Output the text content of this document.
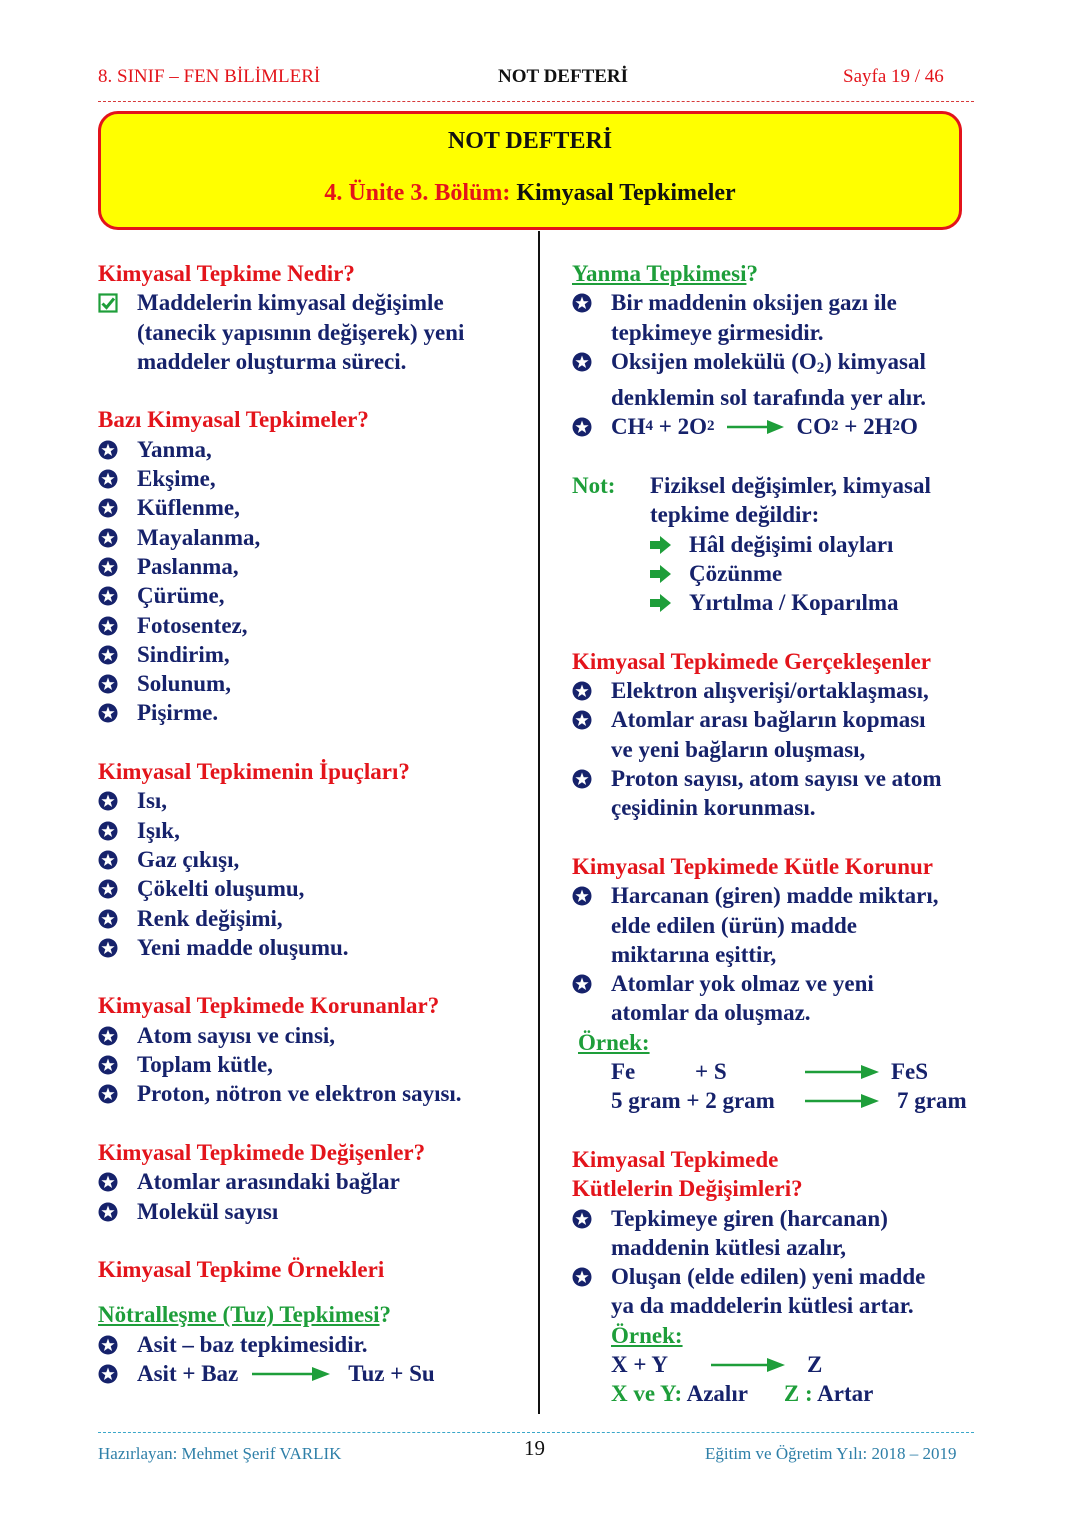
8. SINIF – FEN BİLİMLERİ	NOT DEFTERİ	Sayfa 19 / 46
NOT DEFTERİ
4. Ünite 3. Bölüm: Kimyasal Tepkimeler
Kimyasal Tepkime Nedir?
Maddelerin kimyasal değişimle
(tanecik yapısının değişerek) yeni
maddeler oluşturma süreci.
Bazı Kimyasal Tepkimeler?
Yanma,
Ekşime,
Küflenme,
Mayalanma,
Paslanma,
Çürüme,
Fotosentez,
Sindirim,
Solunum,
Pişirme.
Kimyasal Tepkimenin İpuçları?
Isı,
Işık,
Gaz çıkışı,
Çökelti oluşumu,
Renk değişimi,
Yeni madde oluşumu.
Kimyasal Tepkimede Korunanlar?
Atom sayısı ve cinsi,
Toplam kütle,
Proton, nötron ve elektron sayısı.
Kimyasal Tepkimede Değişenler?
Atomlar arasındaki bağlar
Molekül sayısı
Kimyasal Tepkime Örnekleri
Nötralleşme (Tuz) Tepkimesi?
Asit – baz tepkimesidir.
Asit + Baz	Tuz + Su
Yanma Tepkimesi?
Bir maddenin oksijen gazı ile
tepkimeye girmesidir.
Oksijen molekülü $(O_2)$ kimyasal
denklemin sol tarafında yer alır.
CH 4 + 2O 2	CO 2 + 2H 2 O
Not: Fiziksel değişimler, kimyasal
tepkime değildir:
Hâl değişimi olayları
Çözünme
Yırtılma / Koparılma
Kimyasal Tepkimede Gerçekleşenler
Elektron alışverişi/ortaklaşması,
Atomlar arası bağların kopması
ve yeni bağların oluşması,
Proton sayısı, atom sayısı ve atom
çeşidinin korunması.
Kimyasal Tepkimede Kütle Korunur
Harcanan (giren) madde miktarı,
elde edilen (ürün) madde
miktarına eşittir,
Atomlar yok olmaz ve yeni
atomlar da oluşmaz.
Örnek:
Fe	+ S	FeS
5 gram + 2 gram	7 gram
Kimyasal Tepkimede
Kütlelerin Değişimleri?
Tepkimeye giren (harcanan)
maddenin kütlesi azalır,
Oluşan (elde edilen) yeni madde
ya da maddelerin kütlesi artar.
Örnek:
X + Y	Z
X ve Y: Azalır Z : Artar
Hazırlayan: Mehmet Şerif VARLIK	19	Eğitim ve Öğretim Yılı: 2018 – 2019
